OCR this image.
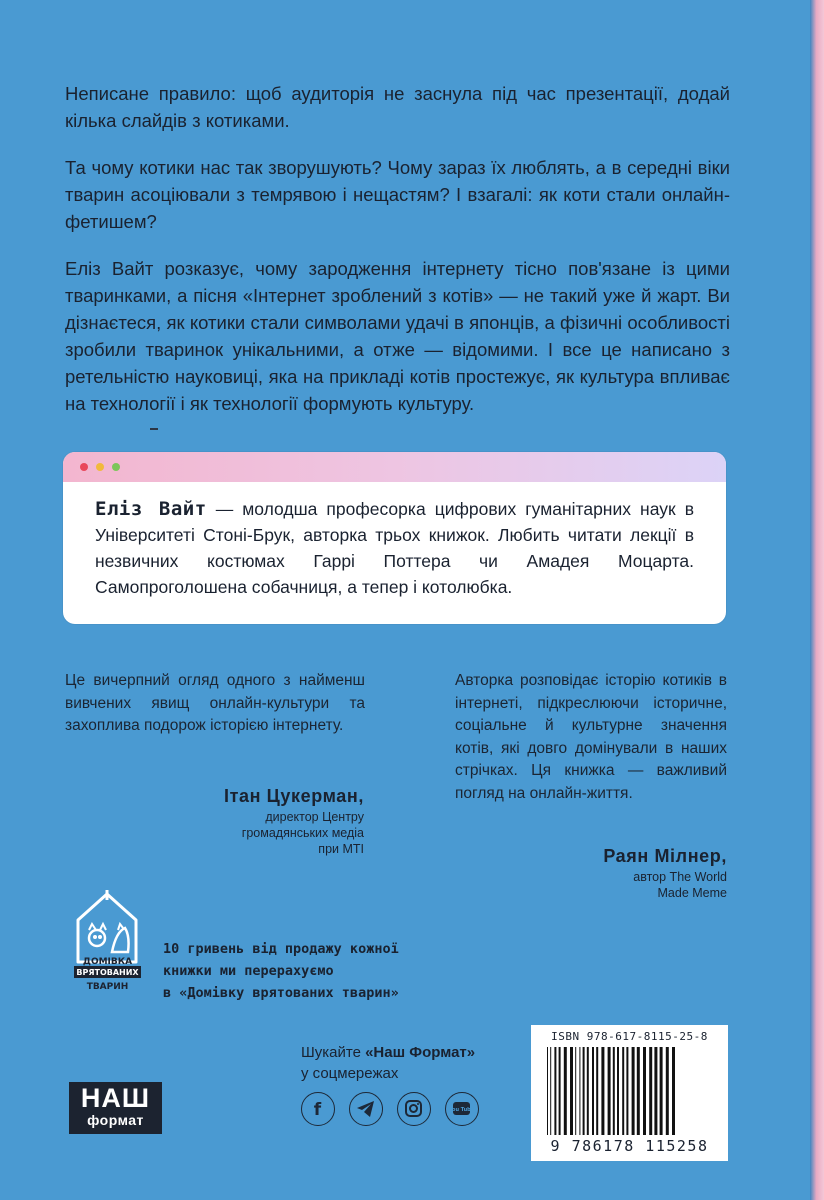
Неписане правило: щоб аудиторія не заснула під час презентації, додай кілька слайдів з котиками.

Та чому котики нас так зворушують? Чому зараз їх люблять, а в середні віки тварин асоціювали з темрявою і нещастям? І взагалі: як коти стали онлайн-фетишем?

Еліз Вайт розказує, чому зародження інтернету тісно пов'язане із цими тваринками, а пісня «Інтернет зроблений з котів» — не такий уже й жарт. Ви дізнаєтеся, як котики стали символами удачі в японців, а фізичні особливості зробили тваринок унікальними, а отже — відомими. І все це написано з ретельністю науковиці, яка на прикладі котів простежує, як культура впливає на технології і як технології формують культуру.

Еліз Вайт — молодша професорка цифрових гуманітарних наук в Університеті Стоні-Брук, авторка трьох книжок. Любить читати лекції в незвичних костюмах Гаррі Поттера чи Амадея Моцарта. Самопроголошена собачниця, а тепер і котолюбка.
Це вичерпний огляд одного з найменш вивчених явищ онлайн-культури та захоплива подорож історією інтернету.
Ітан Цукерман,
директор Центру
громадянських медіа
при MTI
Авторка розповідає історію котиків в інтернеті, підкреслюючи історичне, соціальне й культурне значення котів, які довго домінували в наших стрічках. Ця книжка — важливий погляд на онлайн-життя.
Раян Мілнер,
автор The World
Made Meme
ДОМІВКА
ВРЯТОВАНИХ
ТВАРИН
10 гривень від продажу кожної
книжки ми перерахуємо
в «Домівку врятованих тварин»
Шукайте «Наш Формат»
у соцмережах
f	You Tube
НАШ
формат
ISBN 978-617-8115-25-8
9 786178 115258
